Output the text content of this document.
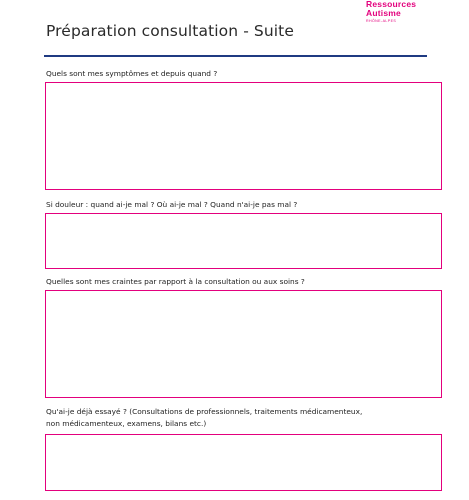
Ressources
Autisme
RHÔNE-ALPES
Préparation consultation - Suite
Quels sont mes symptômes et depuis quand ?
Si douleur : quand ai-je mal ? Où ai-je mal ? Quand n'ai-je pas mal ?
Quelles sont mes craintes par rapport à la consultation ou aux soins ?
Qu'ai-je déjà essayé ? (Consultations de professionnels, traitements médicamenteux,
non médicamenteux, examens, bilans etc.)
